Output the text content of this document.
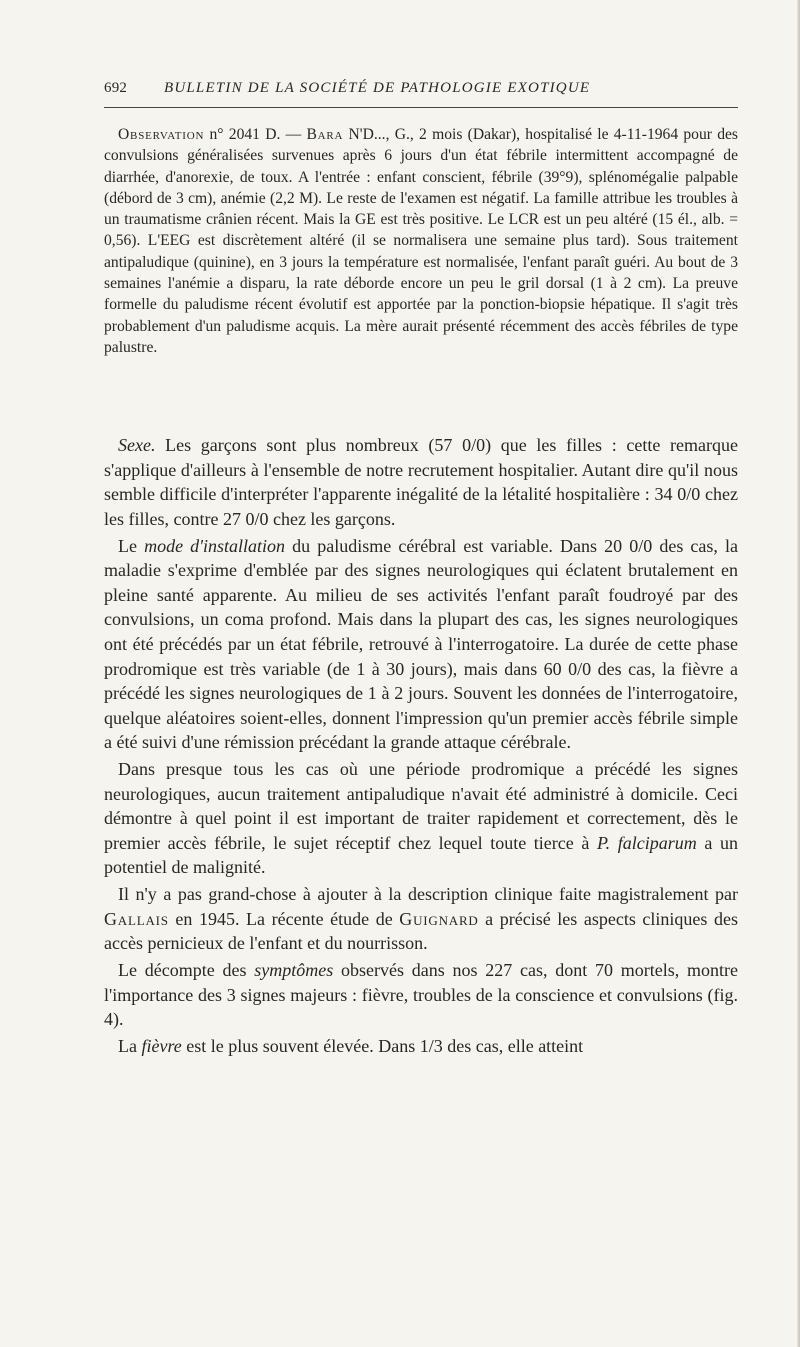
692	BULLETIN DE LA SOCIÉTÉ DE PATHOLOGIE EXOTIQUE
Observation n° 2041 D. — Bara N'D..., G., 2 mois (Dakar), hospitalisé le 4-11-1964 pour des convulsions généralisées survenues après 6 jours d'un état fébrile intermittent accompagné de diarrhée, d'anorexie, de toux. A l'entrée : enfant conscient, fébrile (39°9), splénomégalie palpable (débord de 3 cm), anémie (2,2 M). Le reste de l'examen est négatif. La famille attribue les troubles à un traumatisme crânien récent. Mais la GE est très positive. Le LCR est un peu altéré (15 él., alb. = 0,56). L'EEG est discrètement altéré (il se normalisera une semaine plus tard). Sous traitement antipaludique (quinine), en 3 jours la température est normalisée, l'enfant paraît guéri. Au bout de 3 semaines l'anémie a disparu, la rate déborde encore un peu le gril dorsal (1 à 2 cm). La preuve formelle du paludisme récent évolutif est apportée par la ponction-biopsie hépatique. Il s'agit très probablement d'un paludisme acquis. La mère aurait présenté récemment des accès fébriles de type palustre.

Sexe. Les garçons sont plus nombreux (57 0/0) que les filles : cette remarque s'applique d'ailleurs à l'ensemble de notre recrutement hospitalier. Autant dire qu'il nous semble difficile d'interpréter l'apparente inégalité de la létalité hospitalière : 34 0/0 chez les filles, contre 27 0/0 chez les garçons.

Le mode d'installation du paludisme cérébral est variable. Dans 20 0/0 des cas, la maladie s'exprime d'emblée par des signes neurologiques qui éclatent brutalement en pleine santé apparente. Au milieu de ses activités l'enfant paraît foudroyé par des convulsions, un coma profond. Mais dans la plupart des cas, les signes neurologiques ont été précédés par un état fébrile, retrouvé à l'interrogatoire. La durée de cette phase prodromique est très variable (de 1 à 30 jours), mais dans 60 0/0 des cas, la fièvre a précédé les signes neurologiques de 1 à 2 jours. Souvent les données de l'interrogatoire, quelque aléatoires soient-elles, donnent l'impression qu'un premier accès fébrile simple a été suivi d'une rémission précédant la grande attaque cérébrale.

Dans presque tous les cas où une période prodromique a précédé les signes neurologiques, aucun traitement antipaludique n'avait été administré à domicile. Ceci démontre à quel point il est important de traiter rapidement et correctement, dès le premier accès fébrile, le sujet réceptif chez lequel toute tierce à P. falciparum a un potentiel de malignité.

Il n'y a pas grand-chose à ajouter à la description clinique faite magistralement par Gallais en 1945. La récente étude de Guignard a précisé les aspects cliniques des accès pernicieux de l'enfant et du nourrisson.

Le décompte des symptômes observés dans nos 227 cas, dont 70 mortels, montre l'importance des 3 signes majeurs : fièvre, troubles de la conscience et convulsions (fig. 4).

La fièvre est le plus souvent élevée. Dans 1/3 des cas, elle atteint
